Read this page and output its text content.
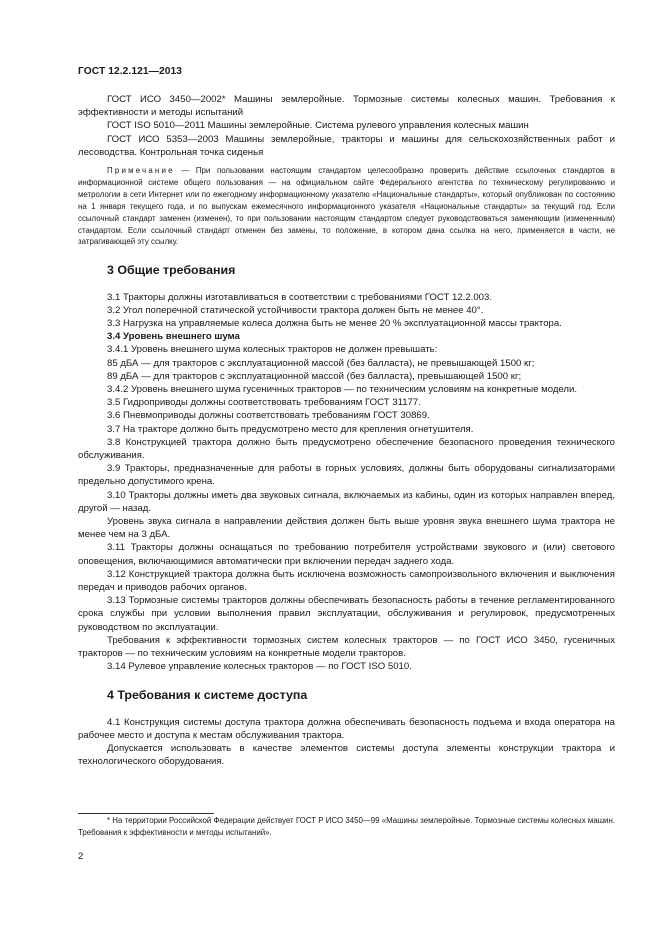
ГОСТ 12.2.121—2013

ГОСТ ИСО 3450—2002* Машины землеройные. Тормозные системы колесных машин. Требования к эффективности и методы испытаний

ГОСТ ISO 5010—2011 Машины землеройные. Система рулевого управления колесных машин

ГОСТ ИСО 5353—2003 Машины землеройные, тракторы и машины для сельскохозяйственных работ и лесоводства. Контрольная точка сиденья

Примечание — При пользовании настоящим стандартом целесообразно проверить действие ссылочных стандартов в информационной системе общего пользования — на официальном сайте Федерального агентства по техническому регулированию и метрологии в сети Интернет или по ежегодному информационному указателю «Национальные стандарты», который опубликован по состоянию на 1 января текущего года, и по выпускам ежемесячного информационного указателя «Национальные стандарты» за текущий год. Если ссылочный стандарт заменен (изменен), то при пользовании настоящим стандартом следует руководствоваться заменяющим (измененным) стандартом. Если ссылочный стандарт отменен без замены, то положение, в котором дана ссылка на него, применяется в части, не затрагивающей эту ссылку.

3 Общие требования

3.1 Тракторы должны изготавливаться в соответствии с требованиями ГОСТ 12.2.003.

3.2 Угол поперечной статической устойчивости трактора должен быть не менее 40°.

3.3 Нагрузка на управляемые колеса должна быть не менее 20 % эксплуатационной массы трактора.

3.4 Уровень внешнего шума

3.4.1 Уровень внешнего шума колесных тракторов не должен превышать:

85 дБА — для тракторов с эксплуатационной массой (без балласта), не превышающей 1500 кг;

89 дБА — для тракторов с эксплуатационной массой (без балласта), превышающей 1500 кг;

3.4.2 Уровень внешнего шума гусеничных тракторов — по техническим условиям на конкретные модели.

3.5 Гидроприводы должны соответствовать требованиям ГОСТ 31177.

3.6 Пневмоприводы должны соответствовать требованиям ГОСТ 30869.

3.7 На тракторе должно быть предусмотрено место для крепления огнетушителя.

3.8 Конструкцией трактора должно быть предусмотрено обеспечение безопасного проведения технического обслуживания.

3.9 Тракторы, предназначенные для работы в горных условиях, должны быть оборудованы сигнализаторами предельно допустимого крена.

3.10 Тракторы должны иметь два звуковых сигнала, включаемых из кабины, один из которых направлен вперед, другой — назад.

Уровень звука сигнала в направлении действия должен быть выше уровня звука внешнего шума трактора не менее чем на 3 дБА.

3.11 Тракторы должны оснащаться по требованию потребителя устройствами звукового и (или) светового оповещения, включающимися автоматически при включении передач заднего хода.

3.12 Конструкцией трактора должна быть исключена возможность самопроизвольного включения и выключения передач и приводов рабочих органов.

3.13 Тормозные системы тракторов должны обеспечивать безопасность работы в течение регламентированного срока службы при условии выполнения правил эксплуатации, обслуживания и регулировок, предусмотренных руководством по эксплуатации.

Требования к эффективности тормозных систем колесных тракторов — по ГОСТ ИСО 3450, гусеничных тракторов — по техническим условиям на конкретные модели тракторов.

3.14 Рулевое управление колесных тракторов — по ГОСТ ISO 5010.

4 Требования к системе доступа

4.1 Конструкция системы доступа трактора должна обеспечивать безопасность подъема и входа оператора на рабочее место и доступа к местам обслуживания трактора.

Допускается использовать в качестве элементов системы доступа элементы конструкции трактора и технологического оборудования.

* На территории Российской Федерации действует ГОСТ Р ИСО 3450—99 «Машины землеройные. Тормозные системы колесных машин. Требования к эффективности и методы испытаний».

2
